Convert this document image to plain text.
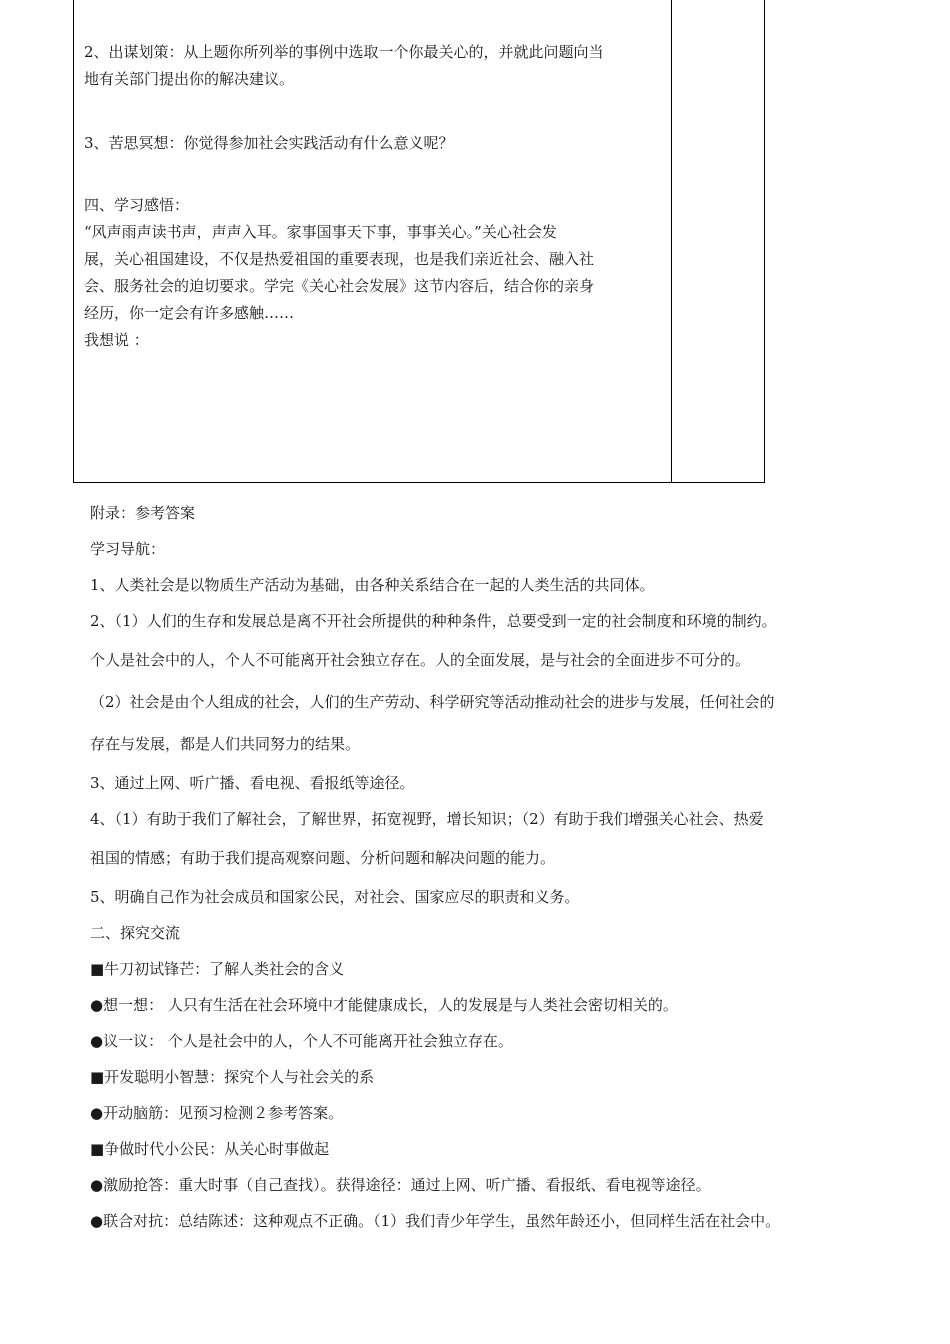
2、出谋划策：从上题你所列举的事例中选取一个你最关心的，并就此问题向当

地有关部门提出你的解决建议。

3、苦思冥想：你觉得参加社会实践活动有什么意义呢？

四、学习感悟：

“风声雨声读书声，声声入耳。家事国事天下事，事事关心。”关心社会发

展，关心祖国建设，不仅是热爱祖国的重要表现，也是我们亲近社会、融入社

会、服务社会的迫切要求。学完《关心社会发展》这节内容后，结合你的亲身

经历，你一定会有许多感触……

我想说 ：

附录：参考答案

学习导航：

1、人类社会是以物质生产活动为基础，由各种关系结合在一起的人类生活的共同体。

2、（1）人们的生存和发展总是离不开社会所提供的种种条件，总要受到一定的社会制度和环境的制约。

个人是社会中的人，个人不可能离开社会独立存在。人的全面发展，是与社会的全面进步不可分的。

（2）社会是由个人组成的社会，人们的生产劳动、科学研究等活动推动社会的进步与发展，任何社会的

存在与发展，都是人们共同努力的结果。

3、通过上网、听广播、看电视、看报纸等途径。

4、（1）有助于我们了解社会，了解世界，拓宽视野，增长知识；（2）有助于我们增强关心社会、热爱

祖国的情感；有助于我们提高观察问题、分析问题和解决问题的能力。

5、明确自己作为社会成员和国家公民，对社会、国家应尽的职责和义务。

二、探究交流

■牛刀初试锋芒：了解人类社会的含义

●想一想： 人只有生活在社会环境中才能健康成长，人的发展是与人类社会密切相关的。

●议一议： 个人是社会中的人，个人不可能离开社会独立存在。

■开发聪明小智慧：探究个人与社会关的系

●开动脑筋：见预习检测２参考答案。

■争做时代小公民：从关心时事做起

●激励抢答：重大时事（自己查找）。获得途径：通过上网、听广播、看报纸、看电视等途径。

●联合对抗：总结陈述：这种观点不正确。（1）我们青少年学生，虽然年龄还小，但同样生活在社会中。
